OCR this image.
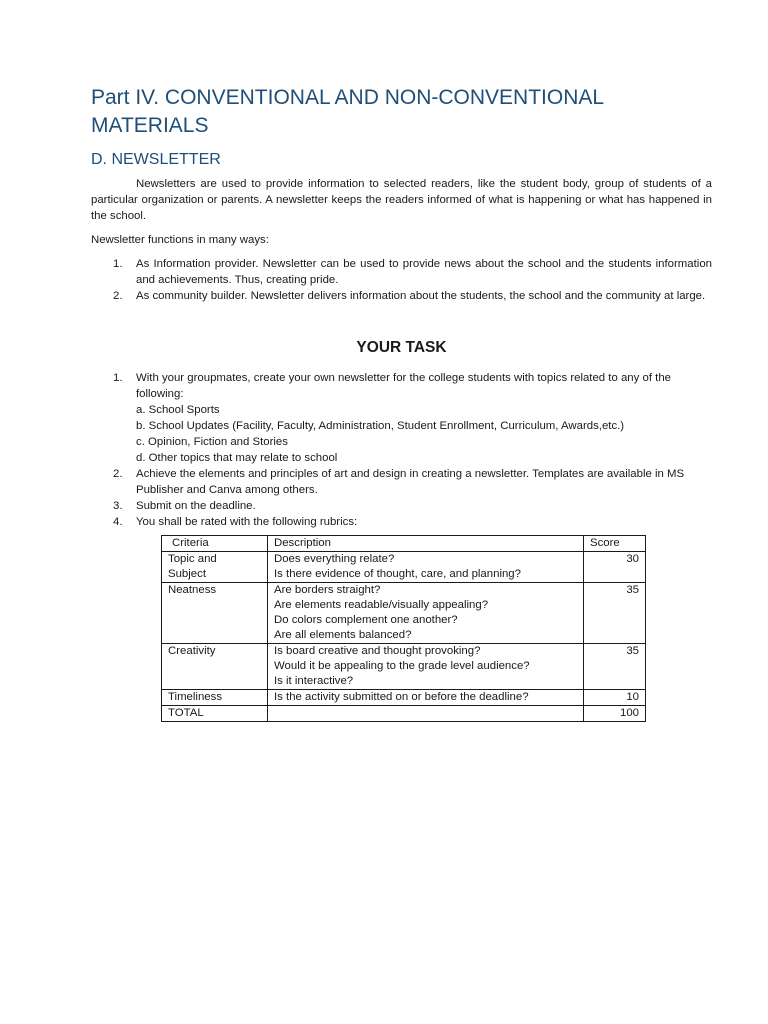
Part IV. CONVENTIONAL AND NON-CONVENTIONAL MATERIALS
D. NEWSLETTER

Newsletters are used to provide information to selected readers, like the student body, group of students of a particular organization or parents. A newsletter keeps the readers informed of what is happening or what has happened in the school.

Newsletter functions in many ways:
1. As Information provider. Newsletter can be used to provide news about the school and the students information and achievements. Thus, creating pride.
2. As community builder. Newsletter delivers information about the students, the school and the community at large.
YOUR TASK
1. With your groupmates, create your own newsletter for the college students with topics related to any of the following:
a. School Sports
b. School Updates (Facility, Faculty, Administration, Student Enrollment, Curriculum, Awards,etc.)
c. Opinion, Fiction and Stories
d. Other topics that may relate to school
2. Achieve the elements and principles of art and design in creating a newsletter. Templates are available in MS Publisher and Canva among others.
3. Submit on the deadline.
4. You shall be rated with the following rubrics:
Criteria	Description	Score

Topic and
Subject	Does everything relate?
Is there evidence of thought, care, and planning?	30

Neatness	Are borders straight?
Are elements readable/visually appealing?
Do colors complement one another?
Are all elements balanced?	35

Creativity	Is board creative and thought provoking?
Would it be appealing to the grade level audience?
Is it interactive?	35

Timeliness	Is the activity submitted on or before the deadline?	10
TOTAL		100
